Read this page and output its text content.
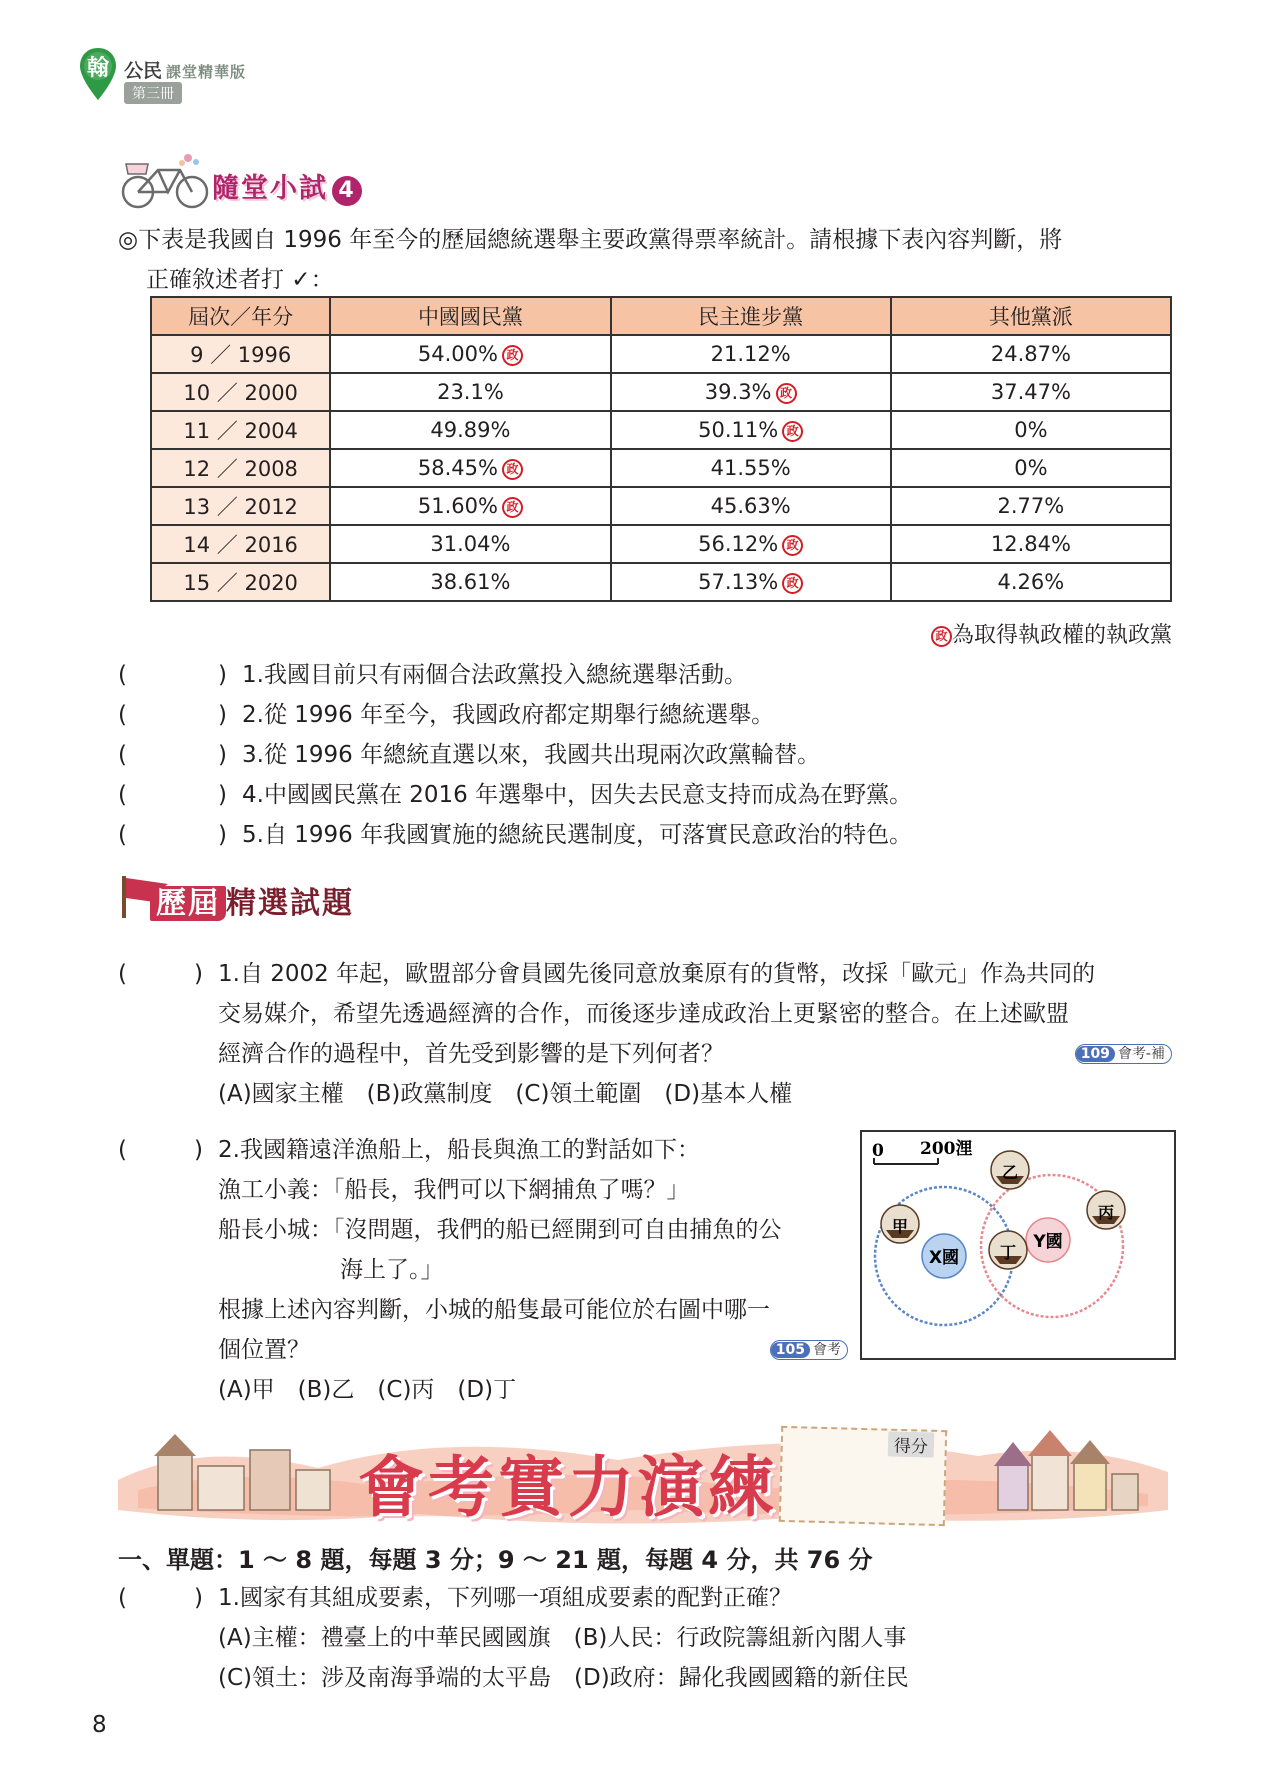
翰 公民 課堂精華版
第三冊
隨堂小試 4
◎下表是我國自 1996 年至今的歷屆總統選舉主要政黨得票率統計。請根據下表內容判斷，將
正確敘述者打 ✓：
屆次／年分	中國國民黨	民主進步黨	其他黨派
9 ／ 1996	54.00% 政	21.12%	24.87%
10 ／ 2000	23.1%	39.3% 政	37.47%
11 ／ 2004	49.89%	50.11% 政	0%
12 ／ 2008	58.45% 政	41.55%	0%
13 ／ 2012	51.60% 政	45.63%	2.77%
14 ／ 2016	31.04%	56.12% 政	12.84%
15 ／ 2020	38.61%	57.13% 政	4.26%
政 為取得執政權的執政黨
(	) 1.我國目前只有兩個合法政黨投入總統選舉活動。
(	) 2.從 1996 年至今，我國政府都定期舉行總統選舉。
(	) 3.從 1996 年總統直選以來，我國共出現兩次政黨輪替。
(	) 4.中國國民黨在 2016 年選舉中，因失去民意支持而成為在野黨。
(	) 5.自 1996 年我國實施的總統民選制度，可落實民意政治的特色。
歷屆 精選試題
(	) 1.自 2002 年起，歐盟部分會員國先後同意放棄原有的貨幣，改採「歐元」作為共同的
交易媒介，希望先透過經濟的合作，而後逐步達成政治上更緊密的整合。在上述歐盟
經濟合作的過程中，首先受到影響的是下列何者？	109 會考-補
(A)國家主權　(B)政黨制度　(C)領土範圍　(D)基本人權
(	) 2.我國籍遠洋漁船上，船長與漁工的對話如下：
漁工小義：「船長，我們可以下網捕魚了嗎？」
船長小城：「沒問題，我們的船已經開到可自由捕魚的公
海上了。」
根據上述內容判斷，小城的船隻最可能位於右圖中哪一
個位置？	105 會考
(A)甲　(B)乙　(C)丙　(D)丁
0 200浬
X國
Y國
甲
乙
丙
丁
會考實力演練
得分
一、單題：1 ～ 8 題，每題 3 分；9 ～ 21 題，每題 4 分，共 76 分
(	) 1.國家有其組成要素，下列哪一項組成要素的配對正確？
(A)主權：禮臺上的中華民國國旗　(B)人民：行政院籌組新內閣人事
(C)領土：涉及南海爭端的太平島　(D)政府：歸化我國國籍的新住民
8
